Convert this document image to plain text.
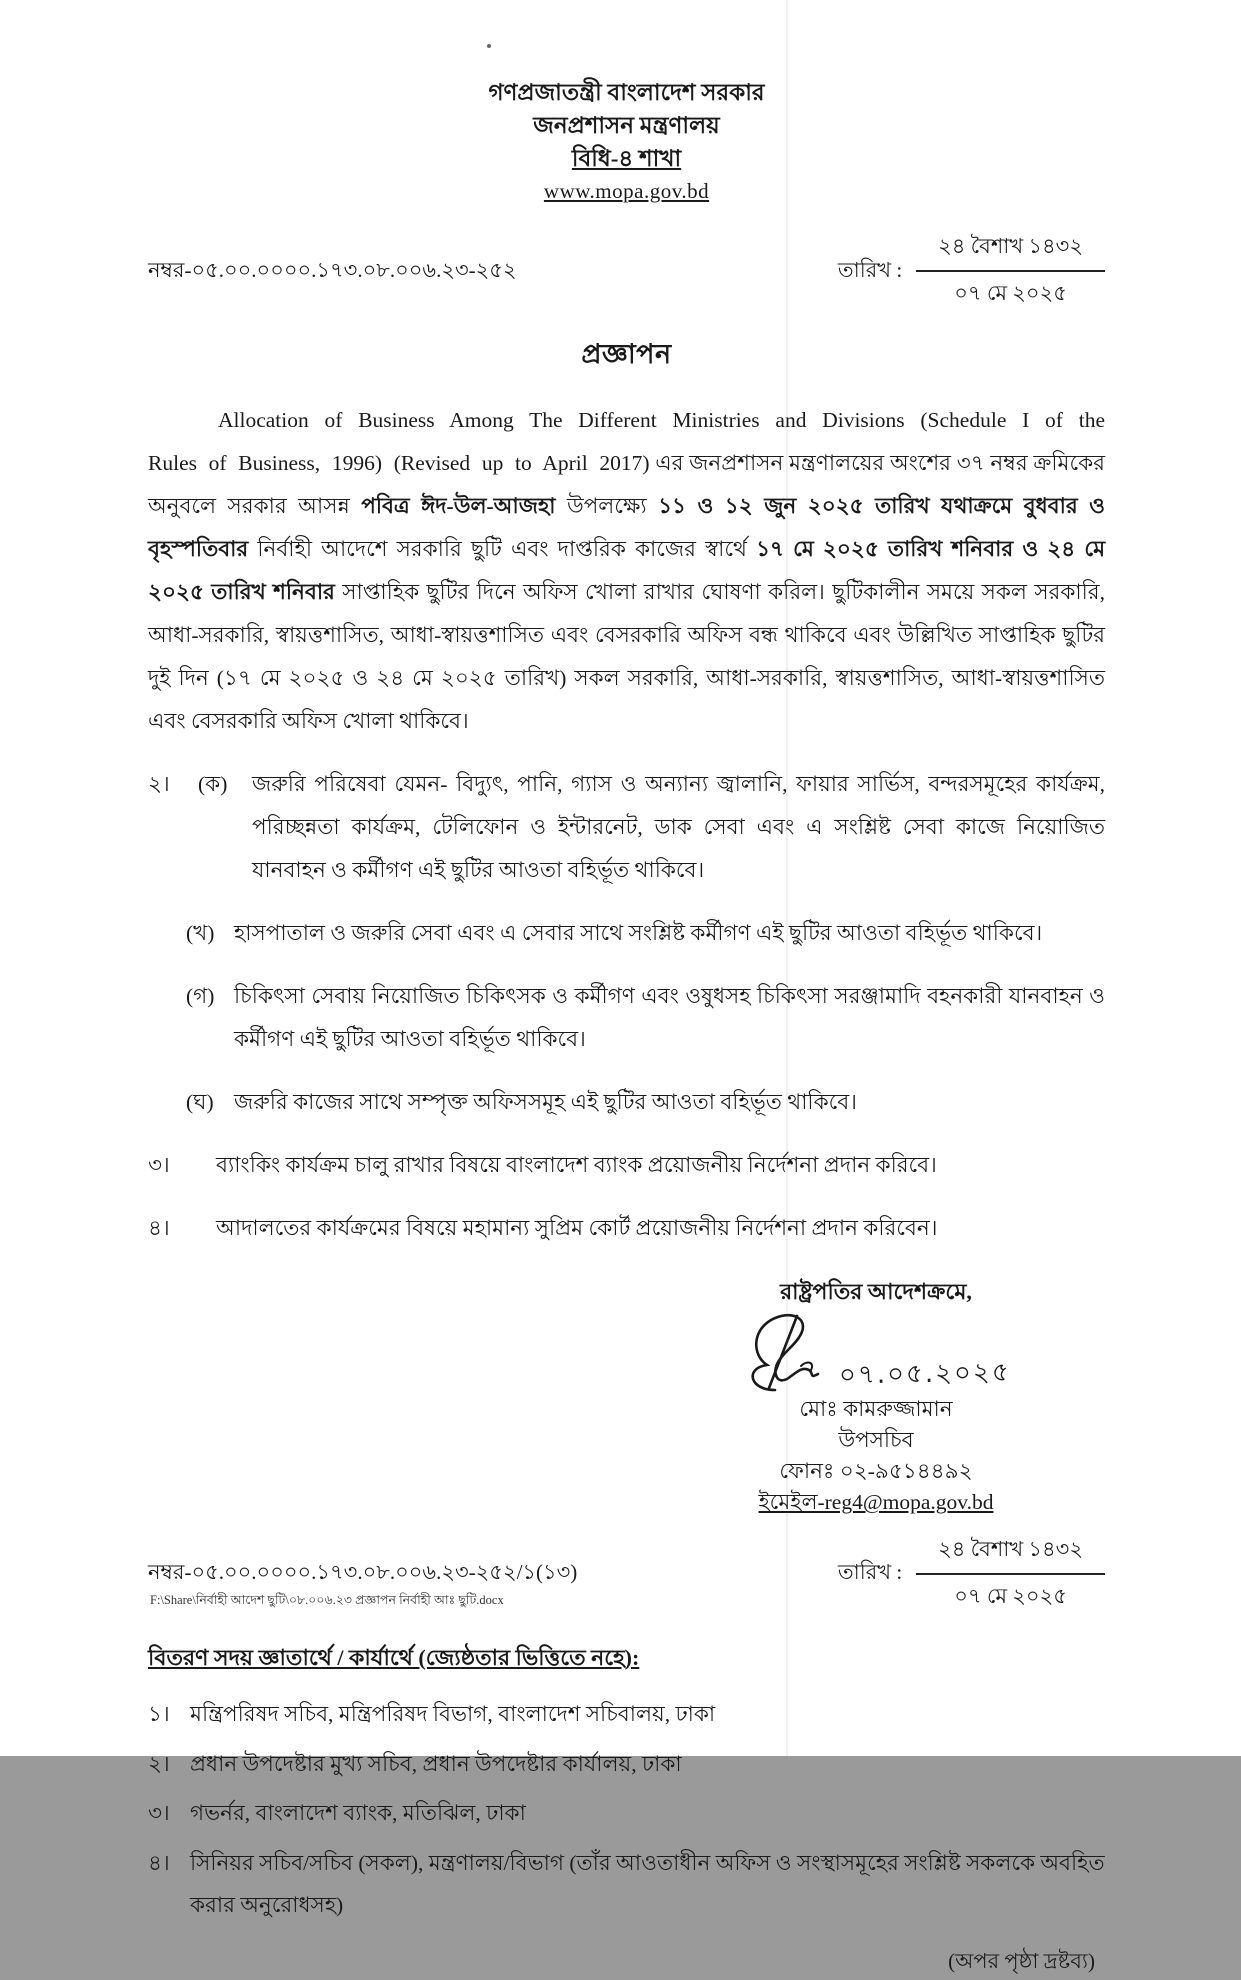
গণপ্রজাতন্ত্রী বাংলাদেশ সরকার
জনপ্রশাসন মন্ত্রণালয়
বিধি-৪ শাখা
www.mopa.gov.bd
নম্বর-০৫.০০.০০০০.১৭৩.০৮.০০৬.২৩-২৫২	তারিখ :
২৪ বৈশাখ ১৪৩২
০৭ মে ২০২৫
প্রজ্ঞাপন

Allocation of Business Among The Different Ministries and Divisions (Schedule I of the Rules of Business, 1996) (Revised up to April 2017) এর জনপ্রশাসন মন্ত্রণালয়ের অংশের ৩৭ নম্বর ক্রমিকের অনুবলে সরকার আসন্ন পবিত্র ঈদ-উল-আজহা উপলক্ষ্যে ১১ ও ১২ জুন ২০২৫ তারিখ যথাক্রমে বুধবার ও বৃহস্পতিবার নির্বাহী আদেশে সরকারি ছুটি এবং দাপ্তরিক কাজের স্বার্থে ১৭ মে ২০২৫ তারিখ শনিবার ও ২৪ মে ২০২৫ তারিখ শনিবার সাপ্তাহিক ছুটির দিনে অফিস খোলা রাখার ঘোষণা করিল। ছুটিকালীন সময়ে সকল সরকারি, আধা-সরকারি, স্বায়ত্তশাসিত, আধা-স্বায়ত্তশাসিত এবং বেসরকারি অফিস বন্ধ থাকিবে এবং উল্লিখিত সাপ্তাহিক ছুটির দুই দিন (১৭ মে ২০২৫ ও ২৪ মে ২০২৫ তারিখ) সকল সরকারি, আধা-সরকারি, স্বায়ত্তশাসিত, আধা-স্বায়ত্তশাসিত এবং বেসরকারি অফিস খোলা থাকিবে।

২।	(ক)	জরুরি পরিষেবা যেমন- বিদ্যুৎ, পানি, গ্যাস ও অন্যান্য জ্বালানি, ফায়ার সার্ভিস, বন্দরসমূহের কার্যক্রম, পরিচ্ছন্নতা কার্যক্রম, টেলিফোন ও ইন্টারনেট, ডাক সেবা এবং এ সংশ্লিষ্ট সেবা কাজে নিয়োজিত যানবাহন ও কর্মীগণ এই ছুটির আওতা বহির্ভূত থাকিবে।
(খ) হাসপাতাল ও জরুরি সেবা এবং এ সেবার সাথে সংশ্লিষ্ট কর্মীগণ এই ছুটির আওতা বহির্ভূত থাকিবে।
(গ) চিকিৎসা সেবায় নিয়োজিত চিকিৎসক ও কর্মীগণ এবং ওষুধসহ চিকিৎসা সরঞ্জামাদি বহনকারী যানবাহন ও কর্মীগণ এই ছুটির আওতা বহির্ভূত থাকিবে।
(ঘ) জরুরি কাজের সাথে সম্পৃক্ত অফিসসমূহ এই ছুটির আওতা বহির্ভূত থাকিবে।
৩।	ব্যাংকিং কার্যক্রম চালু রাখার বিষয়ে বাংলাদেশ ব্যাংক প্রয়োজনীয় নির্দেশনা প্রদান করিবে।
৪।	আদালতের কার্যক্রমের বিষয়ে মহামান্য সুপ্রিম কোর্ট প্রয়োজনীয় নির্দেশনা প্রদান করিবেন।
রাষ্ট্রপতির আদেশক্রমে,
০৭.০৫.২০২৫
মোঃ কামরুজ্জামান
উপসচিব
ফোনঃ ০২-৯৫১৪৪৯২
ইমেইল-reg4@mopa.gov.bd
নম্বর-০৫.০০.০০০০.১৭৩.০৮.০০৬.২৩-২৫২/১(১৩)	তারিখ :
২৪ বৈশাখ ১৪৩২
০৭ মে ২০২৫
বিতরণ সদয় জ্ঞাতার্থে / কার্যার্থে (জ্যেষ্ঠতার ভিত্তিতে নহে):
১। মন্ত্রিপরিষদ সচিব, মন্ত্রিপরিষদ বিভাগ, বাংলাদেশ সচিবালয়, ঢাকা
২। প্রধান উপদেষ্টার মুখ্য সচিব, প্রধান উপদেষ্টার কার্যালয়, ঢাকা
৩। গভর্নর, বাংলাদেশ ব্যাংক, মতিঝিল, ঢাকা
৪। সিনিয়র সচিব/সচিব (সকল), মন্ত্রণালয়/বিভাগ (তাঁর আওতাধীন অফিস ও সংস্থাসমূহের সংশ্লিষ্ট সকলকে অবহিত করার অনুরোধসহ)
(অপর পৃষ্ঠা দ্রষ্টব্য)
F:\Share\নির্বাহী আদেশ ছুটি\০৮.০০৬.২৩ প্রজ্ঞাপন নির্বাহী আঃ ছুটি.docx
